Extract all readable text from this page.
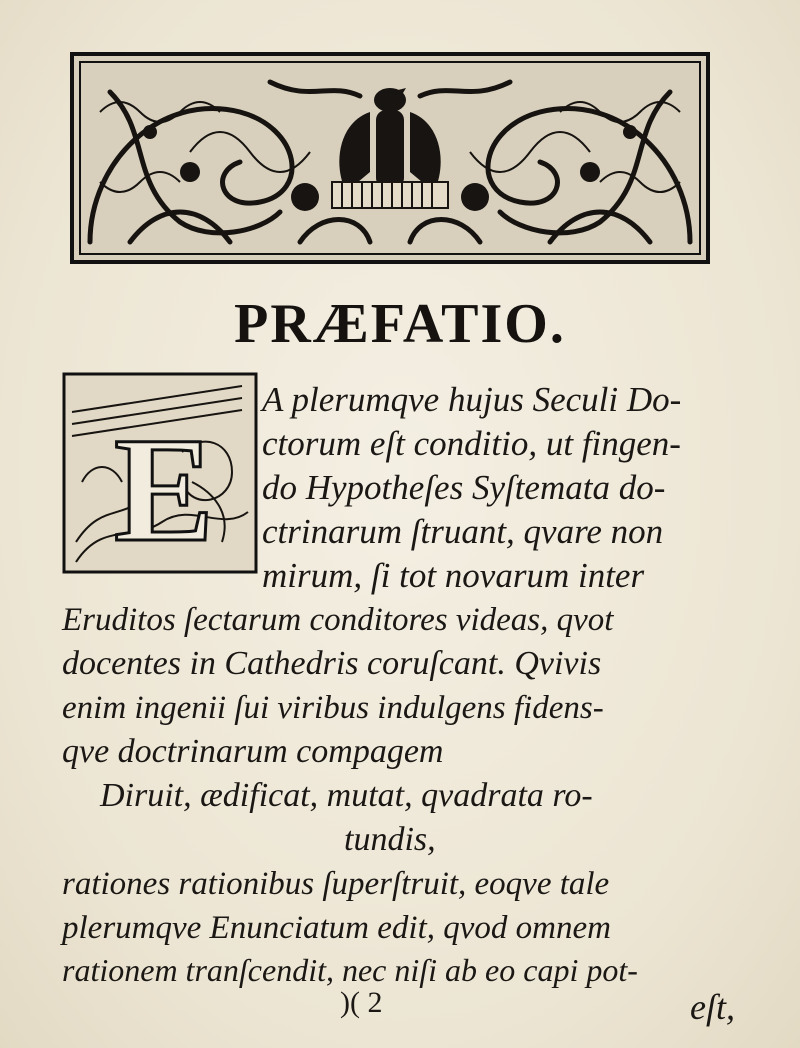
PRÆFATIO.
E
A plerumqve hujus Seculi Do-
ctorum eſt conditio, ut fingen-
do Hypotheſes Syſtemata do-
ctrinarum ſtruant, qvare non
mirum, ſi tot novarum inter
Eruditos ſectarum conditores videas, qvot
docentes in Cathedris coruſcant. Qvivis
enim ingenii ſui viribus indulgens fidens-
qve doctrinarum compagem
Diruit, ædificat, mutat, qvadrata ro-
tundis,
rationes rationibus ſuperſtruit, eoqve tale
plerumqve Enunciatum edit, qvod omnem
rationem tranſcendit, nec niſi ab eo capi pot-
)( 2	eſt,
